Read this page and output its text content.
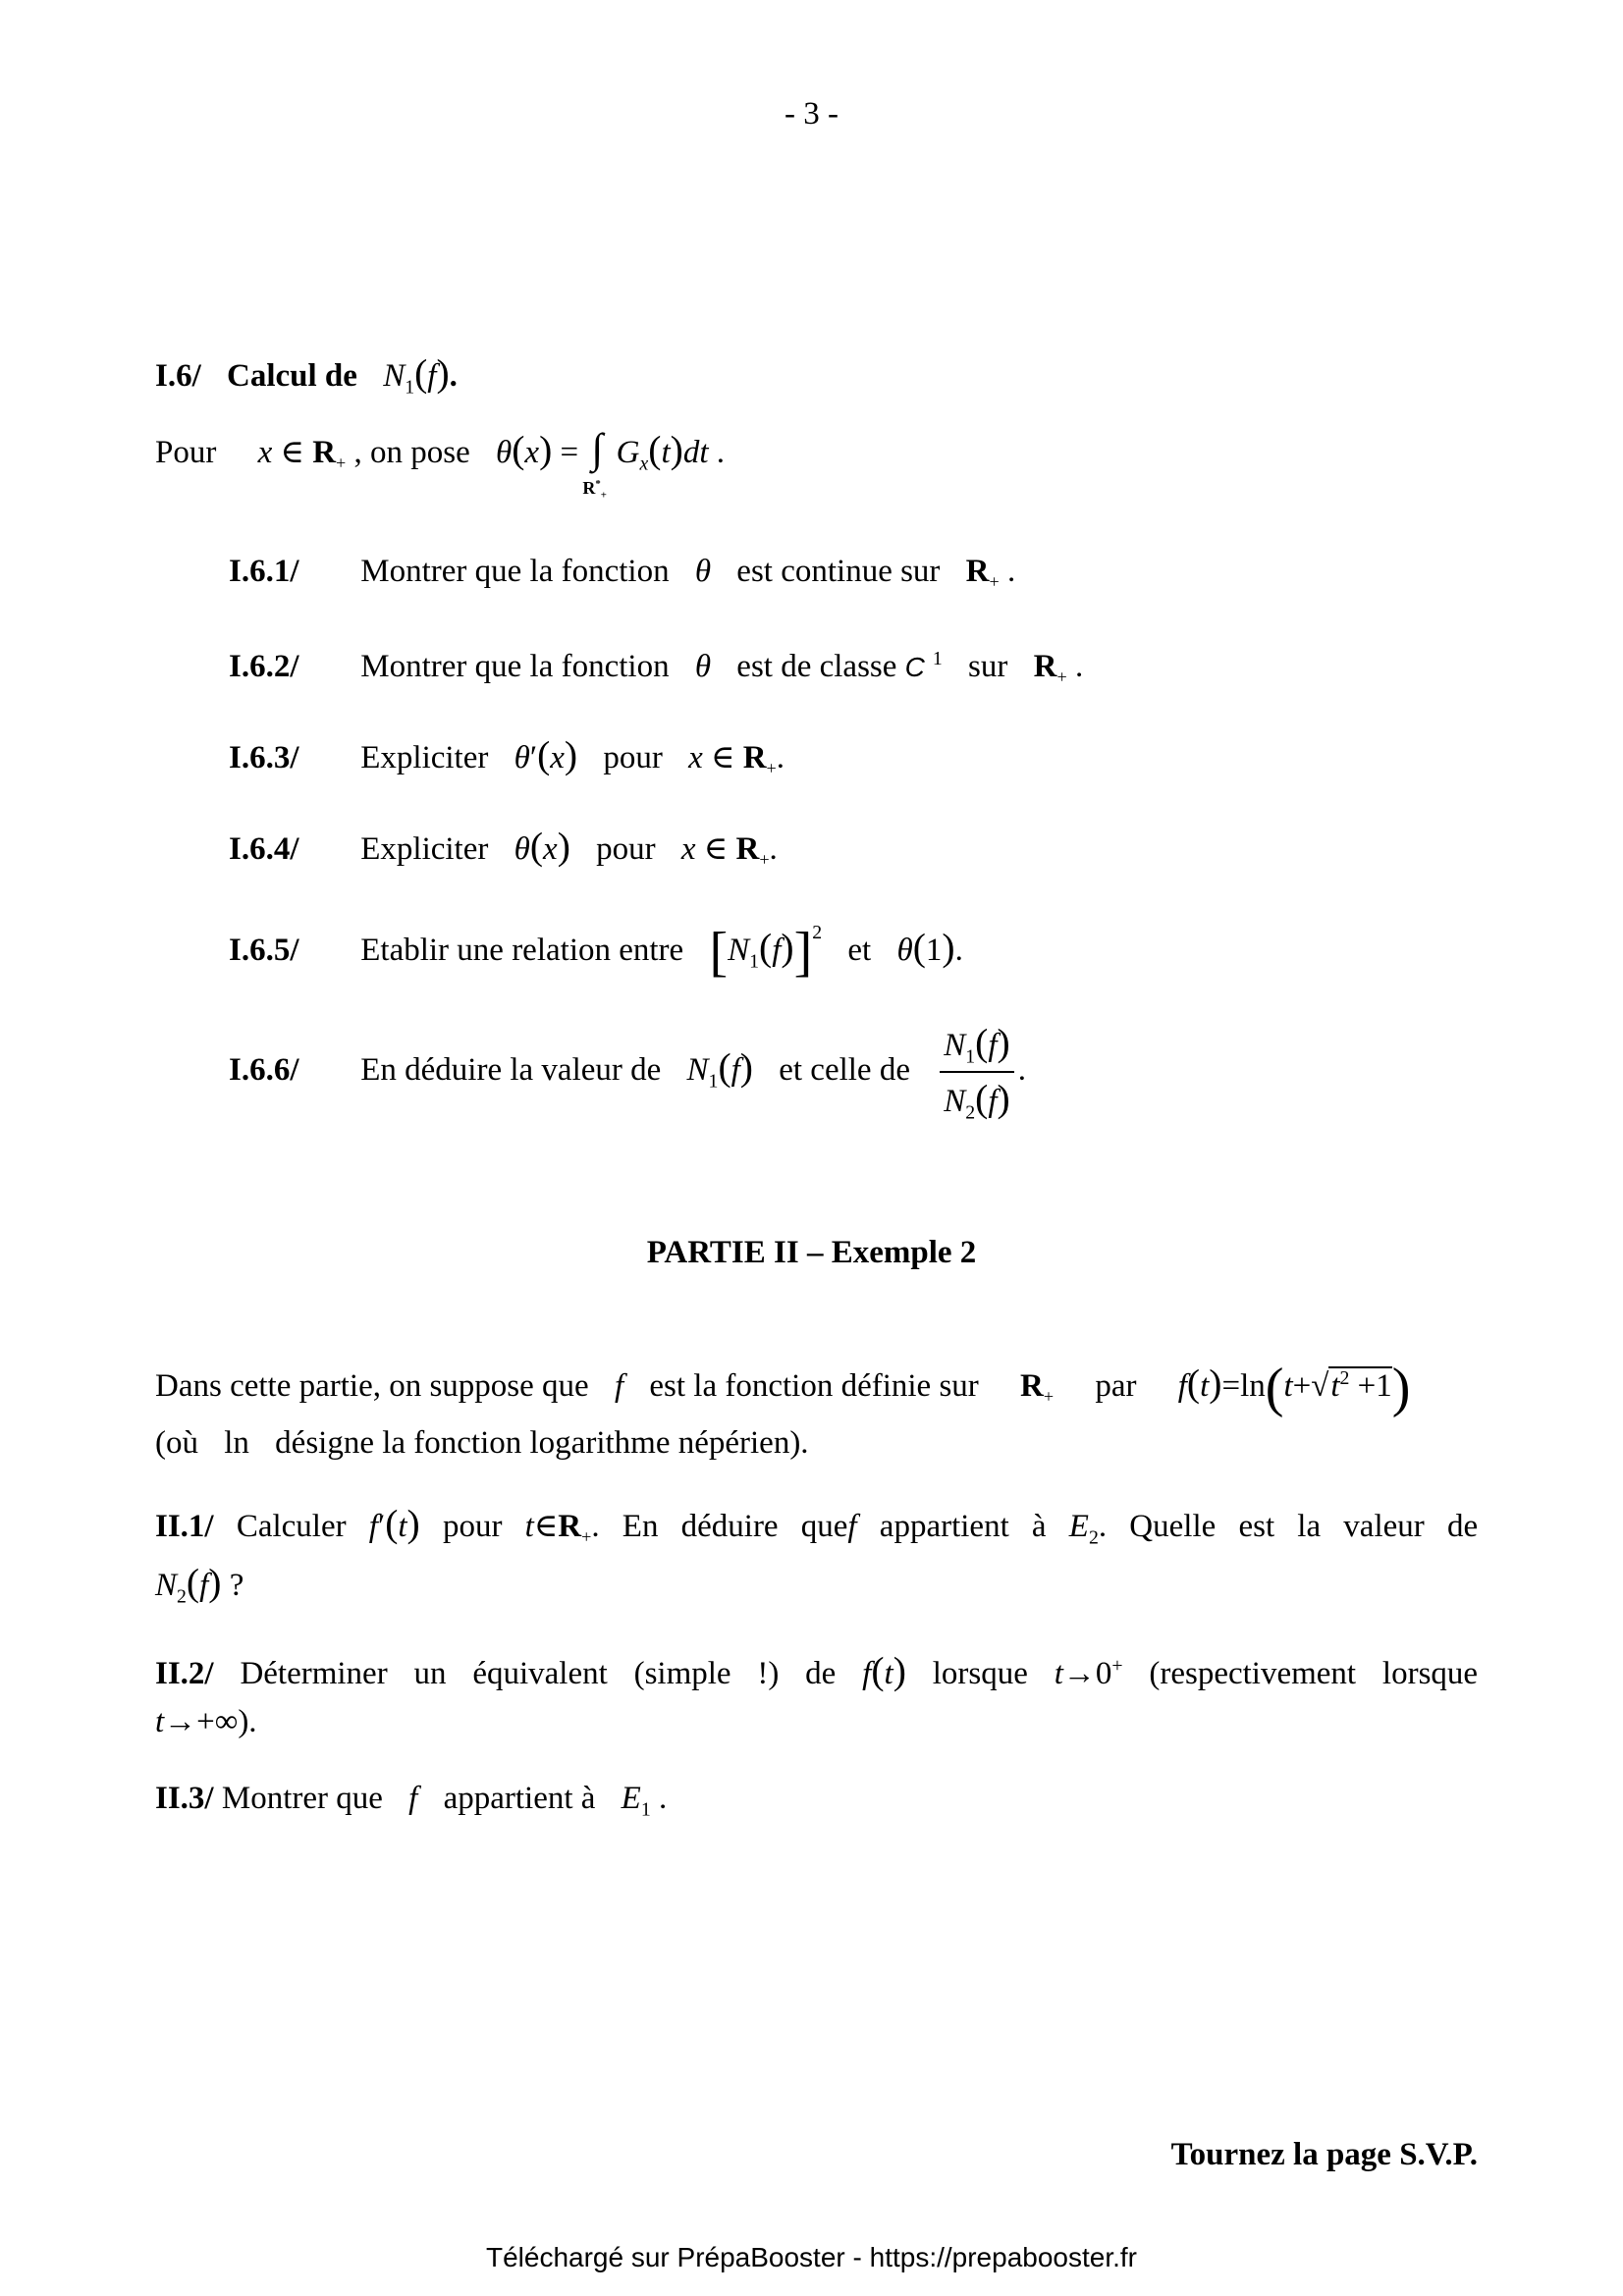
- 3 -
I.6/ Calcul de $N_1(f)$.
Pour x ∈ R+ , on pose θ(x) = ∫
$R^*_+$
$G_x(t)dt$ .
I.6.1/ Montrer que la fonction θ est continue sur R+ .
I.6.2/ Montrer que la fonction θ est de classe C $^1$ sur R+ .
I.6.3/ Expliciter θ′(x) pour x ∈ R+.
I.6.4/ Expliciter θ(x) pour x ∈ R+.
I.6.5/ Etablir une relation entre $[N_1(f)]^2$ et θ(1).
I.6.6/ En déduire la valeur de $N_1(f)$ et celle de $\frac{N_1(f)}{N_2(f)}$ .
PARTIE II – Exemple 2
Dans cette partie, on suppose que f est la fonction définie sur R+ par $f(t)=\ln(t+√t^2 +1)$
(où ln désigne la fonction logarithme népérien).
II.1/ Calculer f′(t) pour t∈R+. En déduire quef appartient à $E_2$. Quelle est la valeur de
$N_2(f)$ ?
II.2/ Déterminer un équivalent (simple !) de f(t) lorsque t→0+ (respectivement lorsque
t→+∞).
II.3/ Montrer que f appartient à $E_1$ .
Tournez la page S.V.P.
Téléchargé sur PrépaBooster - https://prepabooster.fr
